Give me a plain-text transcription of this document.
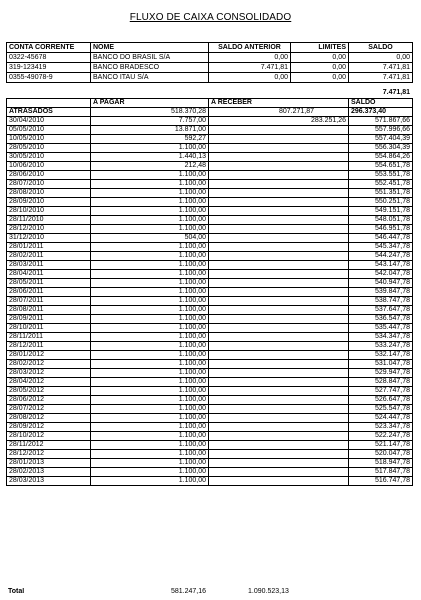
FLUXO DE CAIXA CONSOLIDADO
CONTA CORRENTE	NOME	SALDO ANTERIOR	LIMITES	SALDO
0322-45678	BANCO DO BRASIL S/A	0,00	0,00	0,00
319-123419	BANCO BRADESCO	7.471,81	0,00	7.471,81
0355-49078-9	BANCO ITAU S/A	0,00	0,00	7.471,81
7.471,81
	A PAGAR	A RECEBER	SALDO
ATRASADOS	518.370,28	807.271,87	296.373,40
30/04/2010	7.757,00	283.251,26	571.867,66
05/05/2010	13.871,00		557.996,66
10/05/2010	592,27		557.404,39
28/05/2010	1.100,00		556.304,39
30/05/2010	1.440,13		554.864,26
10/06/2010	212,48		554.651,78
28/06/2010	1.100,00		553.551,78
28/07/2010	1.100,00		552.451,78
28/08/2010	1.100,00		551.351,78
28/09/2010	1.100,00		550.251,78
28/10/2010	1.100,00		549.151,78
28/11/2010	1.100,00		548.051,78
28/12/2010	1.100,00		546.951,78
31/12/2010	504,00		546.447,78
28/01/2011	1.100,00		545.347,78
28/02/2011	1.100,00		544.247,78
28/03/2011	1.100,00		543.147,78
28/04/2011	1.100,00		542.047,78
28/05/2011	1.100,00		540.947,78
28/06/2011	1.100,00		539.847,78
28/07/2011	1.100,00		538.747,78
28/08/2011	1.100,00		537.647,78
28/09/2011	1.100,00		536.547,78
28/10/2011	1.100,00		535.447,78
28/11/2011	1.100,00		534.347,78
28/12/2011	1.100,00		533.247,78
28/01/2012	1.100,00		532.147,78
28/02/2012	1.100,00		531.047,78
28/03/2012	1.100,00		529.947,78
28/04/2012	1.100,00		528.847,78
28/05/2012	1.100,00		527.747,78
28/06/2012	1.100,00		526.647,78
28/07/2012	1.100,00		525.547,78
28/08/2012	1.100,00		524.447,78
28/09/2012	1.100,00		523.347,78
28/10/2012	1.100,00		522.247,78
28/11/2012	1.100,00		521.147,78
28/12/2012	1.100,00		520.047,78
28/01/2013	1.100,00		518.947,78
28/02/2013	1.100,00		517.847,78
28/03/2013	1.100,00		516.747,78
Total	581.247,16	1.090.523,13	
